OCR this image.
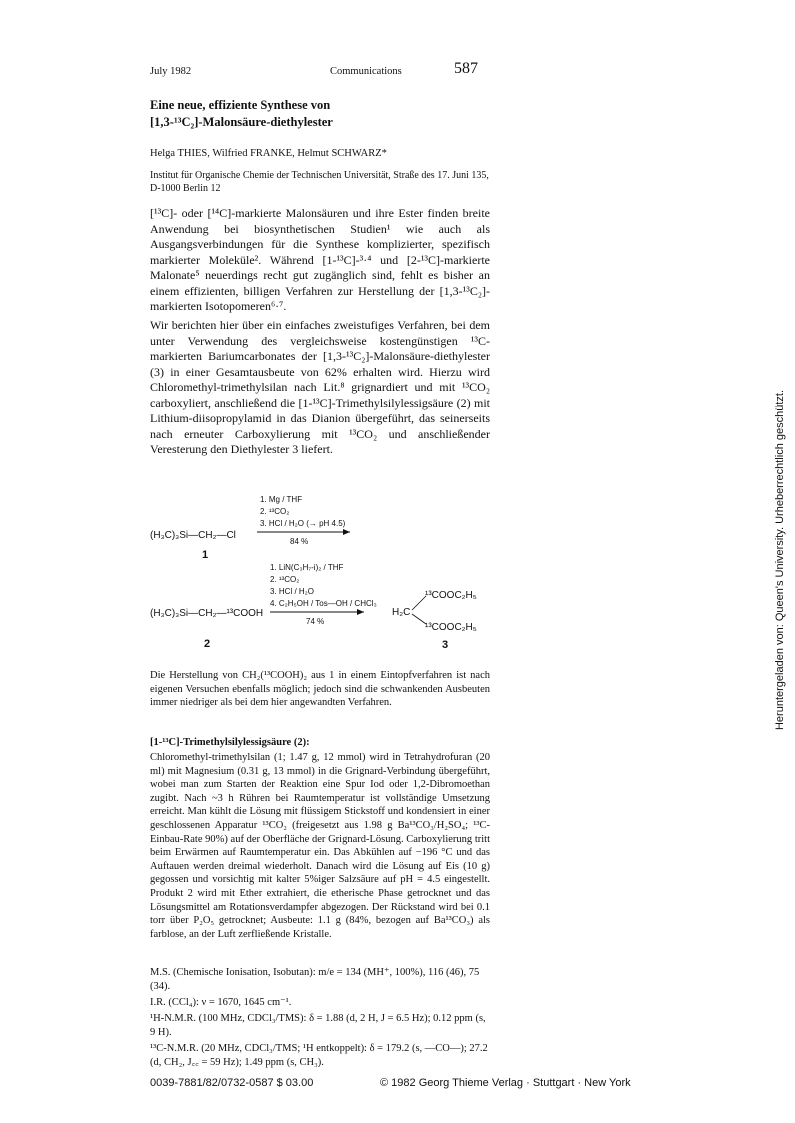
July 1982	Communications	587
Eine neue, effiziente Synthese von
[1,3-¹³C₂]-Malonsäure-diethylester
Helga THIES, Wilfried FRANKE, Helmut SCHWARZ*
Institut für Organische Chemie der Technischen Universität, Straße des 17. Juni 135, D-1000 Berlin 12
[¹³C]- oder [¹⁴C]-markierte Malonsäuren und ihre Ester finden breite Anwendung bei biosynthetischen Studien¹ wie auch als Ausgangsverbindungen für die Synthese komplizierter, spezifisch markierter Moleküle². Während [1-¹³C]-³·⁴ und [2-¹³C]-markierte Malonate⁵ neuerdings recht gut zugänglich sind, fehlt es bisher an einem effizienten, billigen Verfahren zur Herstellung der [1,3-¹³C₂]-markierten Isotopomeren⁶·⁷.
Wir berichten hier über ein einfaches zweistufiges Verfahren, bei dem unter Verwendung des vergleichsweise kostengünstigen ¹³C-markierten Bariumcarbonates der [1,3-¹³C₂]-Malonsäure-diethylester (3) in einer Gesamtausbeute von 62% erhalten wird. Hierzu wird Chloromethyl-trimethylsilan nach Lit.⁸ grignardiert und mit ¹³CO₂ carboxyliert, anschließend die [1-¹³C]-Trimethylsilylessigsäure (2) mit Lithium-diisopropylamid in das Dianion übergeführt, das seinerseits nach erneuter Carboxylierung mit ¹³CO₂ und anschließender Veresterung den Diethylester 3 liefert.
1. Mg / THF
2. ¹³CO₂
3. HCl / H₂O (→ pH 4.5)
84 %
(H₃C)₃Si—CH₂—Cl
1
1. LiN(C₃H₇-i)₂ / THF
2. ¹³CO₂
3. HCl / H₂O
4. C₂H₅OH / Tos—OH / CHCl₃
74 %
(H₃C)₃Si—CH₂—¹³COOH
2
¹³COOC₂H₅
H₂C
¹³COOC₂H₅
3
Die Herstellung von CH₂(¹³COOH)₂ aus 1 in einem Eintopfverfahren ist nach eigenen Versuchen ebenfalls möglich; jedoch sind die schwankenden Ausbeuten immer niedriger als bei dem hier angewandten Verfahren.
[1-¹³C]-Trimethylsilylessigsäure (2):
Chloromethyl-trimethylsilan (1; 1.47 g, 12 mmol) wird in Tetrahydrofuran (20 ml) mit Magnesium (0.31 g, 13 mmol) in die Grignard-Verbindung übergeführt, wobei man zum Starten der Reaktion eine Spur Iod oder 1,2-Dibromoethan zugibt. Nach ~3 h Rühren bei Raumtemperatur ist vollständige Umsetzung erreicht. Man kühlt die Lösung mit flüssigem Stickstoff und kondensiert in einer geschlossenen Apparatur ¹³CO₂ (freigesetzt aus 1.98 g Ba¹³CO₃/H₂SO₄; ¹³C-Einbau-Rate 90%) auf der Oberfläche der Grignard-Lösung. Carboxylierung tritt beim Erwärmen auf Raumtemperatur ein. Das Abkühlen auf −196 °C und das Auftauen werden dreimal wiederholt. Danach wird die Lösung auf Eis (10 g) gegossen und vorsichtig mit kalter 5%iger Salzsäure auf pH = 4.5 eingestellt. Produkt 2 wird mit Ether extrahiert, die etherische Phase getrocknet und das Lösungsmittel am Rotationsverdampfer abgezogen. Der Rückstand wird bei 0.1 torr über P₂O₅ getrocknet; Ausbeute: 1.1 g (84%, bezogen auf Ba¹³CO₃) als farblose, an der Luft zerfließende Kristalle.
M.S. (Chemische Ionisation, Isobutan): m/e = 134 (MH⁺, 100%), 116 (46), 75 (34).
I.R. (CCl₄): ν = 1670, 1645 cm⁻¹.
¹H-N.M.R. (100 MHz, CDCl₃/TMS): δ = 1.88 (d, 2 H, J = 6.5 Hz); 0.12 ppm (s, 9 H).
¹³C-N.M.R. (20 MHz, CDCl₃/TMS; ¹H entkoppelt): δ = 179.2 (s, —CO—); 27.2 (d, CH₂, J꜀꜀ = 59 Hz); 1.49 ppm (s, CH₃).
0039-7881/82/0732-0587 $ 03.00	© 1982 Georg Thieme Verlag · Stuttgart · New York
Heruntergeladen von: Queen's University. Urheberrechtlich geschützt.
